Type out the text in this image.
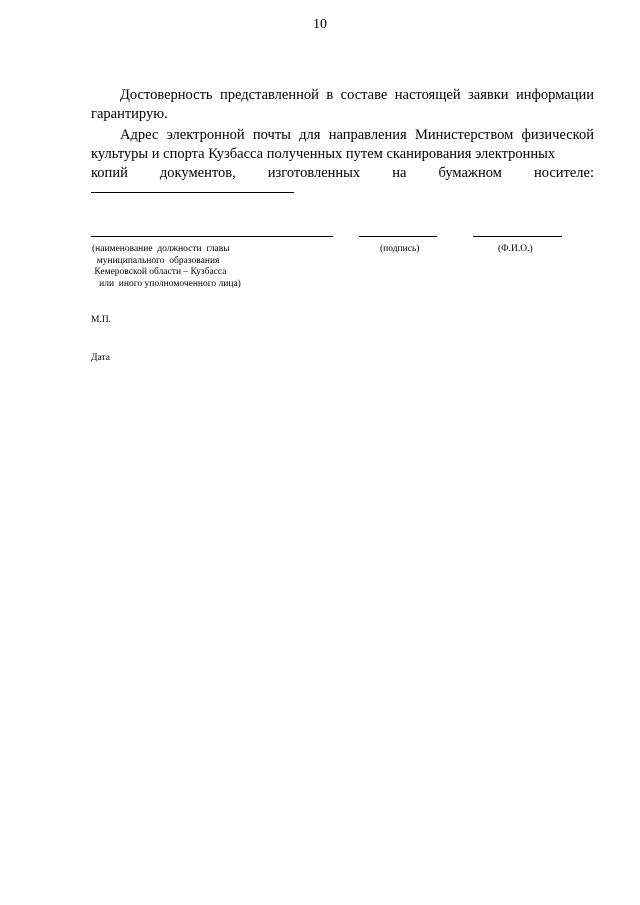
10

Достоверность представленной в составе настоящей заявки информации гарантирую.

Адрес электронной почты для направления Министерством физической культуры и спорта Кузбасса полученных путем сканирования электронных

копий документов, изготовленных на бумажном носителе:
(наименование  должности  главы
муниципального  образования
Кемеровской области – Кузбасса
или  иного уполномоченного лица)
(подпись)	(Ф.И.О.)
М.П.
Дата
